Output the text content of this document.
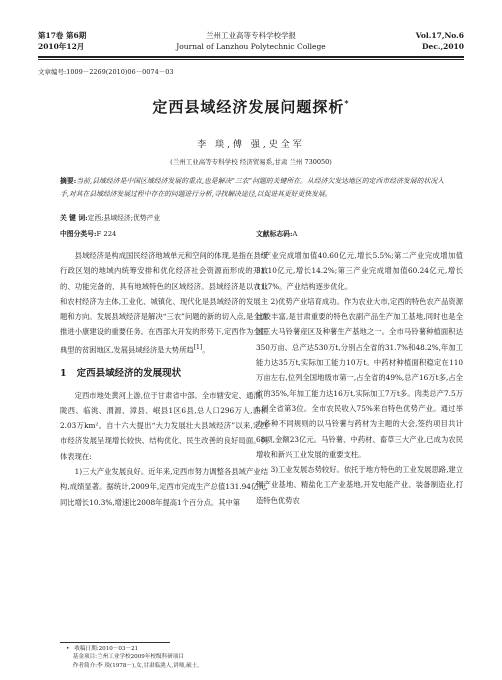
第17卷 第6期
2010年12月
兰州工业高等专科学校学报
Journal of Lanzhou Polytechnic College
Vol.17,No.6
Dec.,2010
文章编号:1009－2269(2010)06－0074－03
定西县域经济发展问题探析*
李 琰,傅 强,史全军
(兰州工业高等专科学校 经济贸易系,甘肃 兰州 730050)
摘要:当前,县域经济是中国区域经济发展的重点,也是解决“三农”问题的关键所在。从经济欠发达地区的定西市经济发展的状况入手,对其在县域经济发展过程中存在的问题进行分析,寻找解决途径,以促进其更好更快发展。
关 键 词:定西;县域经济;优势产业
中图分类号:F 224	文献标志码:A

县域经济是构成国民经济地域单元和空间的体现,是指在县级行政区划的地域内统筹安排和优化经济社会资源而形成的开放的、功能完备的、具有地域特色的区域经济。县域经济是以农业和农村经济为主体,工业化、城镇化、现代化是县域经济的发展主题和方向。发展县域经济是解决“三农”问题的新的切入点,是全面推进小康建设的重要任务。在西部大开发的形势下,定西作为全国典型的贫困地区,发展县域经济是大势所趋[1]。

1 定西县域经济的发展现状

定西市地处黄河上游,位于甘肃省中部。全市辖安定、通渭、陇西、临洮、渭源、漳县、岷县1区6县,总人口296万人,面积2.03万km²。自十六大提出“大力发展壮大县域经济”以来,定西市经济发展呈现增长较快、结构优化、民生改善的良好局面。具体表现在:

1)三大产业发展良好。近年来,定西市努力调整各县域产业结构,成绩显著。据统计,2009年,定西市完成生产总值131.94亿元,同比增长10.3%,增速比2008年提高1个百分点。其中第

一产业完成增加值40.60亿元,增长5.5%;第二产业完成增加值31.10亿元,增长14.2%;第三产业完成增加值60.24亿元,增长11.7%。产业结构逐步优化。

2)优势产业培育成功。作为农业大市,定西的特色农产品资源比较丰富,是甘肃重要的特色农副产品生产加工基地,同时也是全国三大马铃薯産区及种薯生产基地之一。全市马铃薯种植面积达350万亩、总产达530万t,分别占全省的31.7%和48.2%,年加工能力达35万t,实际加工能力10万t。中药材种植面积稳定在110万亩左右,位列全国地级市第一,占全省的49%,总产16万t多,占全省的35%,年加工能力达16万t,实际加工7万t多。肉类总产7.5万t,居全省第3位。全市农民收入75%来自特色优势产业。通过举办各种不同规则的以马铃薯与药材为主题的大会,签约项目共计68项,金额23亿元。马铃薯、中药材、畜草三大产业,已成为农民增收和新兴工业发展的重要支柱。

3)工业发展态势较好。依托于地方特色的工业发展思路,建立铜产业基地、精盐化工产业基地,开发电能产业、装备制造业,打造特色优势农

• 收稿日期:2010－03－21
基金项目:兰州工业学校2009年校级科研项目
作者简介:李 琰(1978－),女,甘肃临洮人,讲师,硕士。
